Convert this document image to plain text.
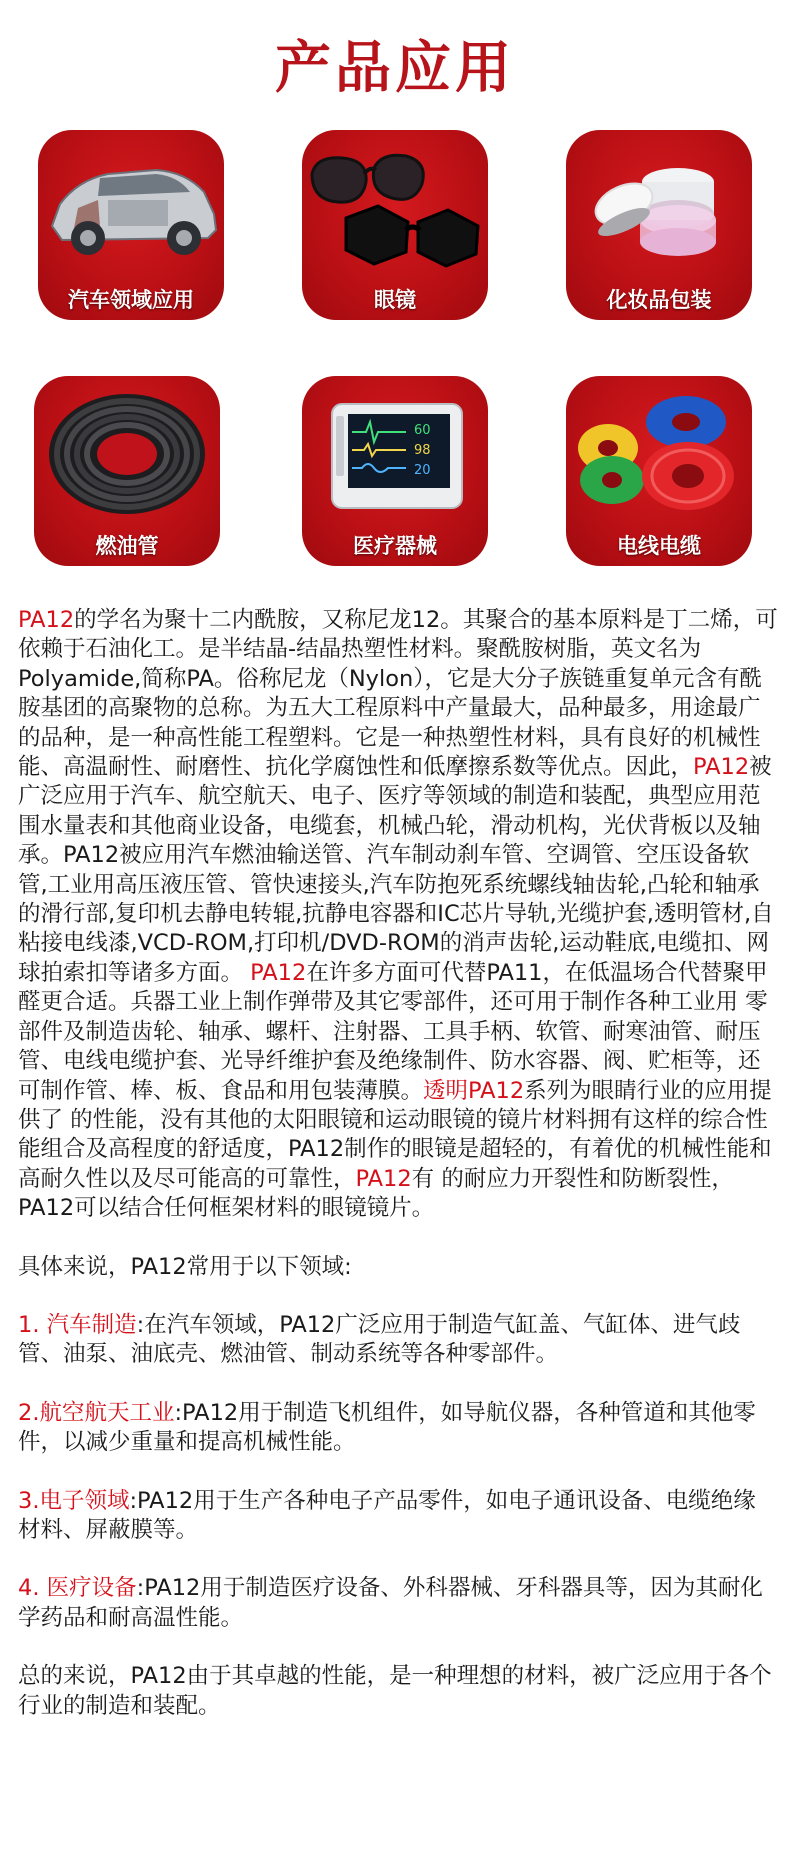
产品应用
汽车领域应用	眼镜	化妆品包装
燃油管
60
98
20
医疗器械	电线电缆

PA12的学名为聚十二内酰胺，又称尼龙12。其聚合的基本原料是丁二烯，可依赖于石油化工。是半结晶-结晶热塑性材料。聚酰胺树脂，英文名为Polyamide,简称PA。俗称尼龙（Nylon），它是大分子族链重复单元含有酰胺基团的高聚物的总称。为五大工程原料中产量最大，品种最多，用途最广的品种，是一种高性能工程塑料。它是一种热塑性材料，具有良好的机械性能、高温耐性、耐磨性、抗化学腐蚀性和低摩擦系数等优点。因此，PA12被广泛应用于汽车、航空航天、电子、医疗等领域的制造和装配，典型应用范围水量表和其他商业设备，电缆套，机械凸轮，滑动机构，光伏背板以及轴承。PA12被应用汽车燃油输送管、汽车制动刹车管、空调管、空压设备软管,工业用高压液压管、管快速接头,汽车防抱死系统螺线轴齿轮,凸轮和轴承的滑行部,复印机去静电转辊,抗静电容器和IC芯片导轨,光缆护套,透明管材,自粘接电线漆,VCD-ROM,打印机/DVD-ROM的消声齿轮,运动鞋底,电缆扣、网球拍索扣等诸多方面。 PA12在许多方面可代替PA11，在低温场合代替聚甲醛更合适。兵器工业上制作弹带及其它零部件，还可用于制作各种工业用 零部件及制造齿轮、轴承、螺杆、注射器、工具手柄、软管、耐寒油管、耐压管、电线电缆护套、光导纤维护套及绝缘制件、防水容器、阀、贮柜等，还可制作管、棒、板、食品和用包装薄膜。透明PA12系列为眼睛行业的应用提供了 的性能，没有其他的太阳眼镜和运动眼镜的镜片材料拥有这样的综合性能组合及高程度的舒适度，PA12制作的眼镜是超轻的，有着优的机械性能和高耐久性以及尽可能高的可靠性，PA12有 的耐应力开裂性和防断裂性，PA12可以结合任何框架材料的眼镜镜片。

具体来说，PA12常用于以下领域:

1. 汽车制造:在汽车领域，PA12广泛应用于制造气缸盖、气缸体、进气歧管、油泵、油底壳、燃油管、制动系统等各种零部件。

2.航空航天工业:PA12用于制造飞机组件，如导航仪器，各种管道和其他零件，以减少重量和提高机械性能。

3.电子领域:PA12用于生产各种电子产品零件，如电子通讯设备、电缆绝缘材料、屏蔽膜等。

4. 医疗设备:PA12用于制造医疗设备、外科器械、牙科器具等，因为其耐化学药品和耐高温性能。

总的来说，PA12由于其卓越的性能，是一种理想的材料，被广泛应用于各个行业的制造和装配。
